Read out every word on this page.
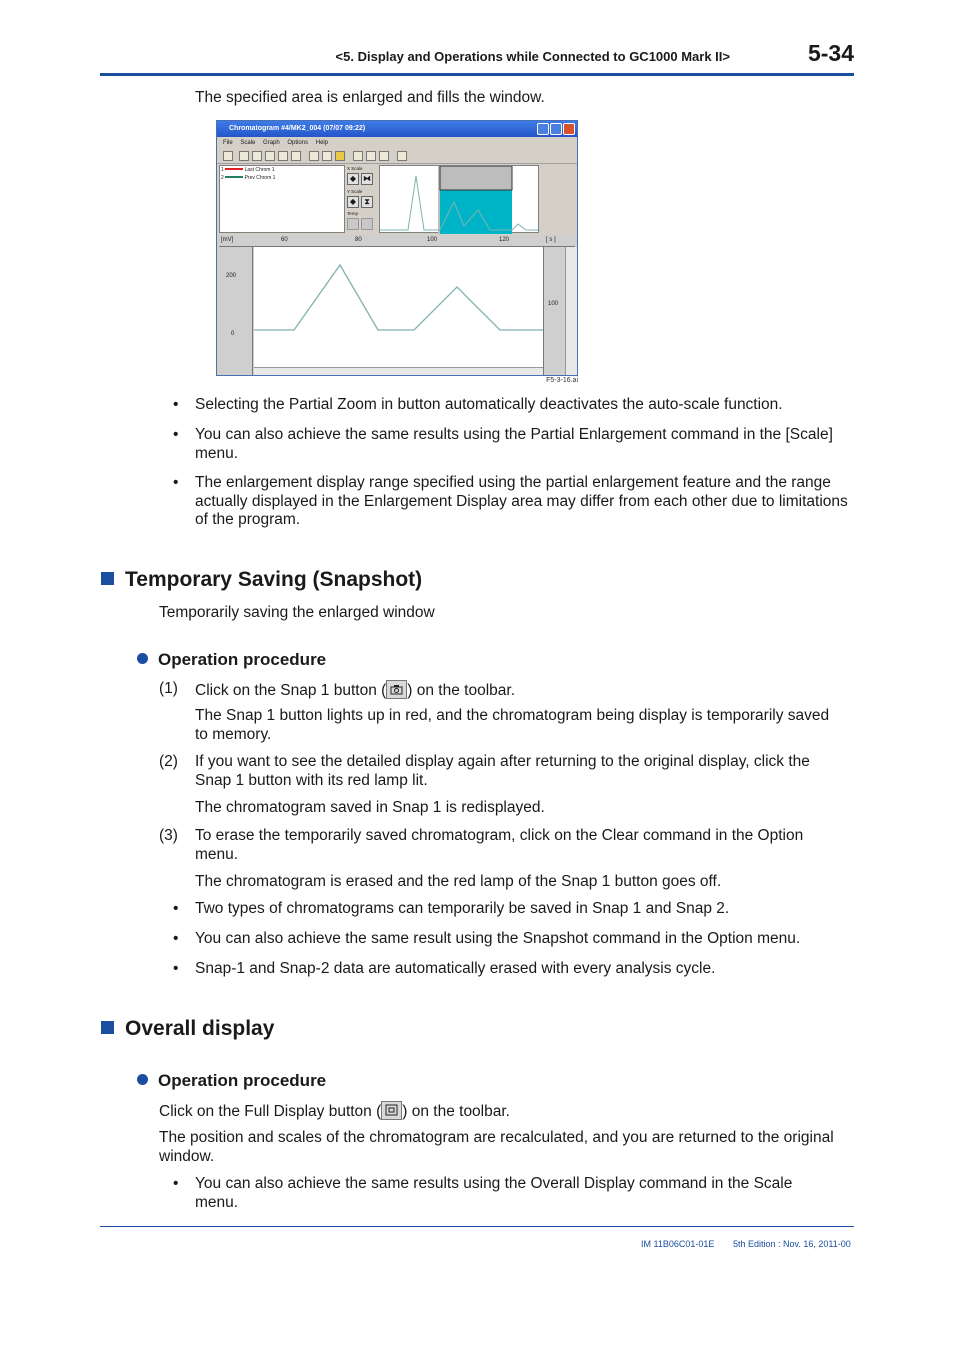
<5. Display and Operations while Connected to GC1000 Mark II>	5-34
The specified area is enlarged and fills the window.
Chromatogram #4/MK2_004 (07/07 09:22)
File Scale Graph Options Help
1	Last Chrom 1
2	Prev Chrom 1
X Scale
◆ ⧓
Y Scale
◆	⧗
Temp
[mV]	60	80	100	120	[ s ]
200
0
100
F5-3-16.ai
• Selecting the Partial Zoom in button automatically deactivates the auto-scale function.
• You can also achieve the same results using the Partial Enlargement command in the [Scale] menu.
• The enlargement display range specified using the partial enlargement feature and the range actually displayed in the Enlargement Display area may differ from each other due to limitations of the program.
Temporary Saving (Snapshot)
Temporarily saving the enlarged window
Operation procedure
(1) Click on the Snap 1 button ( ) on the toolbar.
The Snap 1 button lights up in red, and the chromatogram being display is temporarily saved to memory.
(2) If you want to see the detailed display again after returning to the original display, click the Snap 1 button with its red lamp lit.
The chromatogram saved in Snap 1 is redisplayed.
(3) To erase the temporarily saved chromatogram, click on the Clear command in the Option menu.
The chromatogram is erased and the red lamp of the Snap 1 button goes off.
• Two types of chromatograms can temporarily be saved in Snap 1 and Snap 2.
• You can also achieve the same result using the Snapshot command in the Option menu.
• Snap-1 and Snap-2 data are automatically erased with every analysis cycle.
Overall display
Operation procedure
Click on the Full Display button ( ) on the toolbar.
The position and scales of the chromatogram are recalculated, and you are returned to the original window.
• You can also achieve the same results using the Overall Display command in the Scale menu.
IM 11B06C01-01E 5th Edition : Nov. 16, 2011-00
